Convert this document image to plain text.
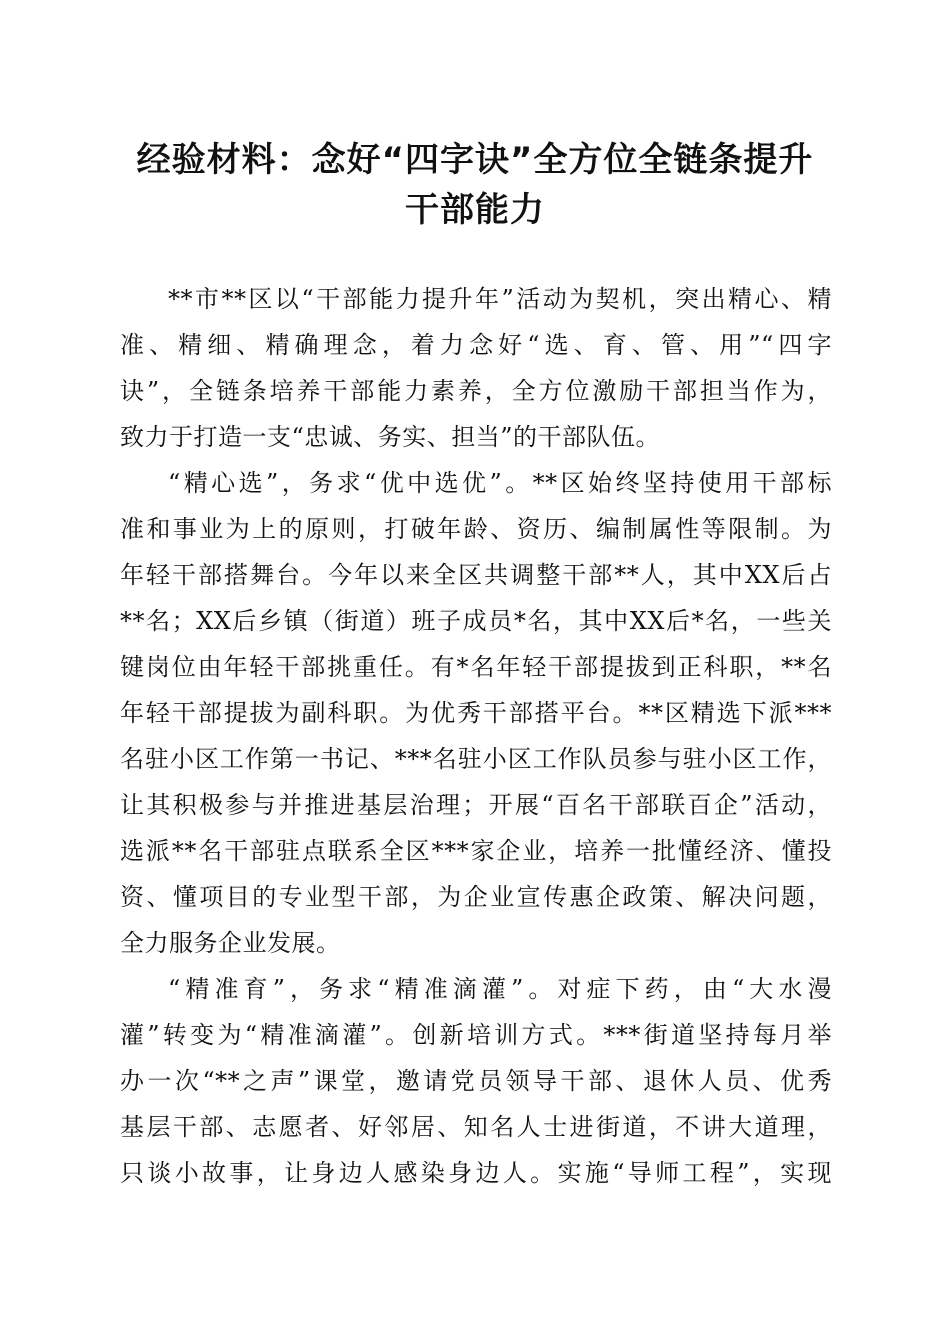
经验材料：念好“四字诀”全方位全链条提升
干部能力
**市**区以“干部能力提升年”活动为契机，突出精心、精
准、精细、精确理念，着力念好“选、育、管、用”“四字
诀”，全链条培养干部能力素养，全方位激励干部担当作为，
致力于打造一支“忠诚、务实、担当”的干部队伍。
“精心选”，务求“优中选优”。**区始终坚持使用干部标
准和事业为上的原则，打破年龄、资历、编制属性等限制。为
年轻干部搭舞台。今年以来全区共调整干部**人，其中XX后占
**名；XX后乡镇（街道）班子成员*名，其中XX后*名，一些关
键岗位由年轻干部挑重任。有*名年轻干部提拔到正科职，**名
年轻干部提拔为副科职。为优秀干部搭平台。**区精选下派***
名驻小区工作第一书记、***名驻小区工作队员参与驻小区工作，
让其积极参与并推进基层治理；开展“百名干部联百企”活动，
选派**名干部驻点联系全区***家企业，培养一批懂经济、懂投
资、懂项目的专业型干部，为企业宣传惠企政策、解决问题，
全力服务企业发展。
“精准育”，务求“精准滴灌”。对症下药，由“大水漫
灌”转变为“精准滴灌”。创新培训方式。***街道坚持每月举
办一次“**之声”课堂，邀请党员领导干部、退休人员、优秀
基层干部、志愿者、好邻居、知名人士进街道，不讲大道理，
只谈小故事，让身边人感染身边人。实施“导师工程”，实现
